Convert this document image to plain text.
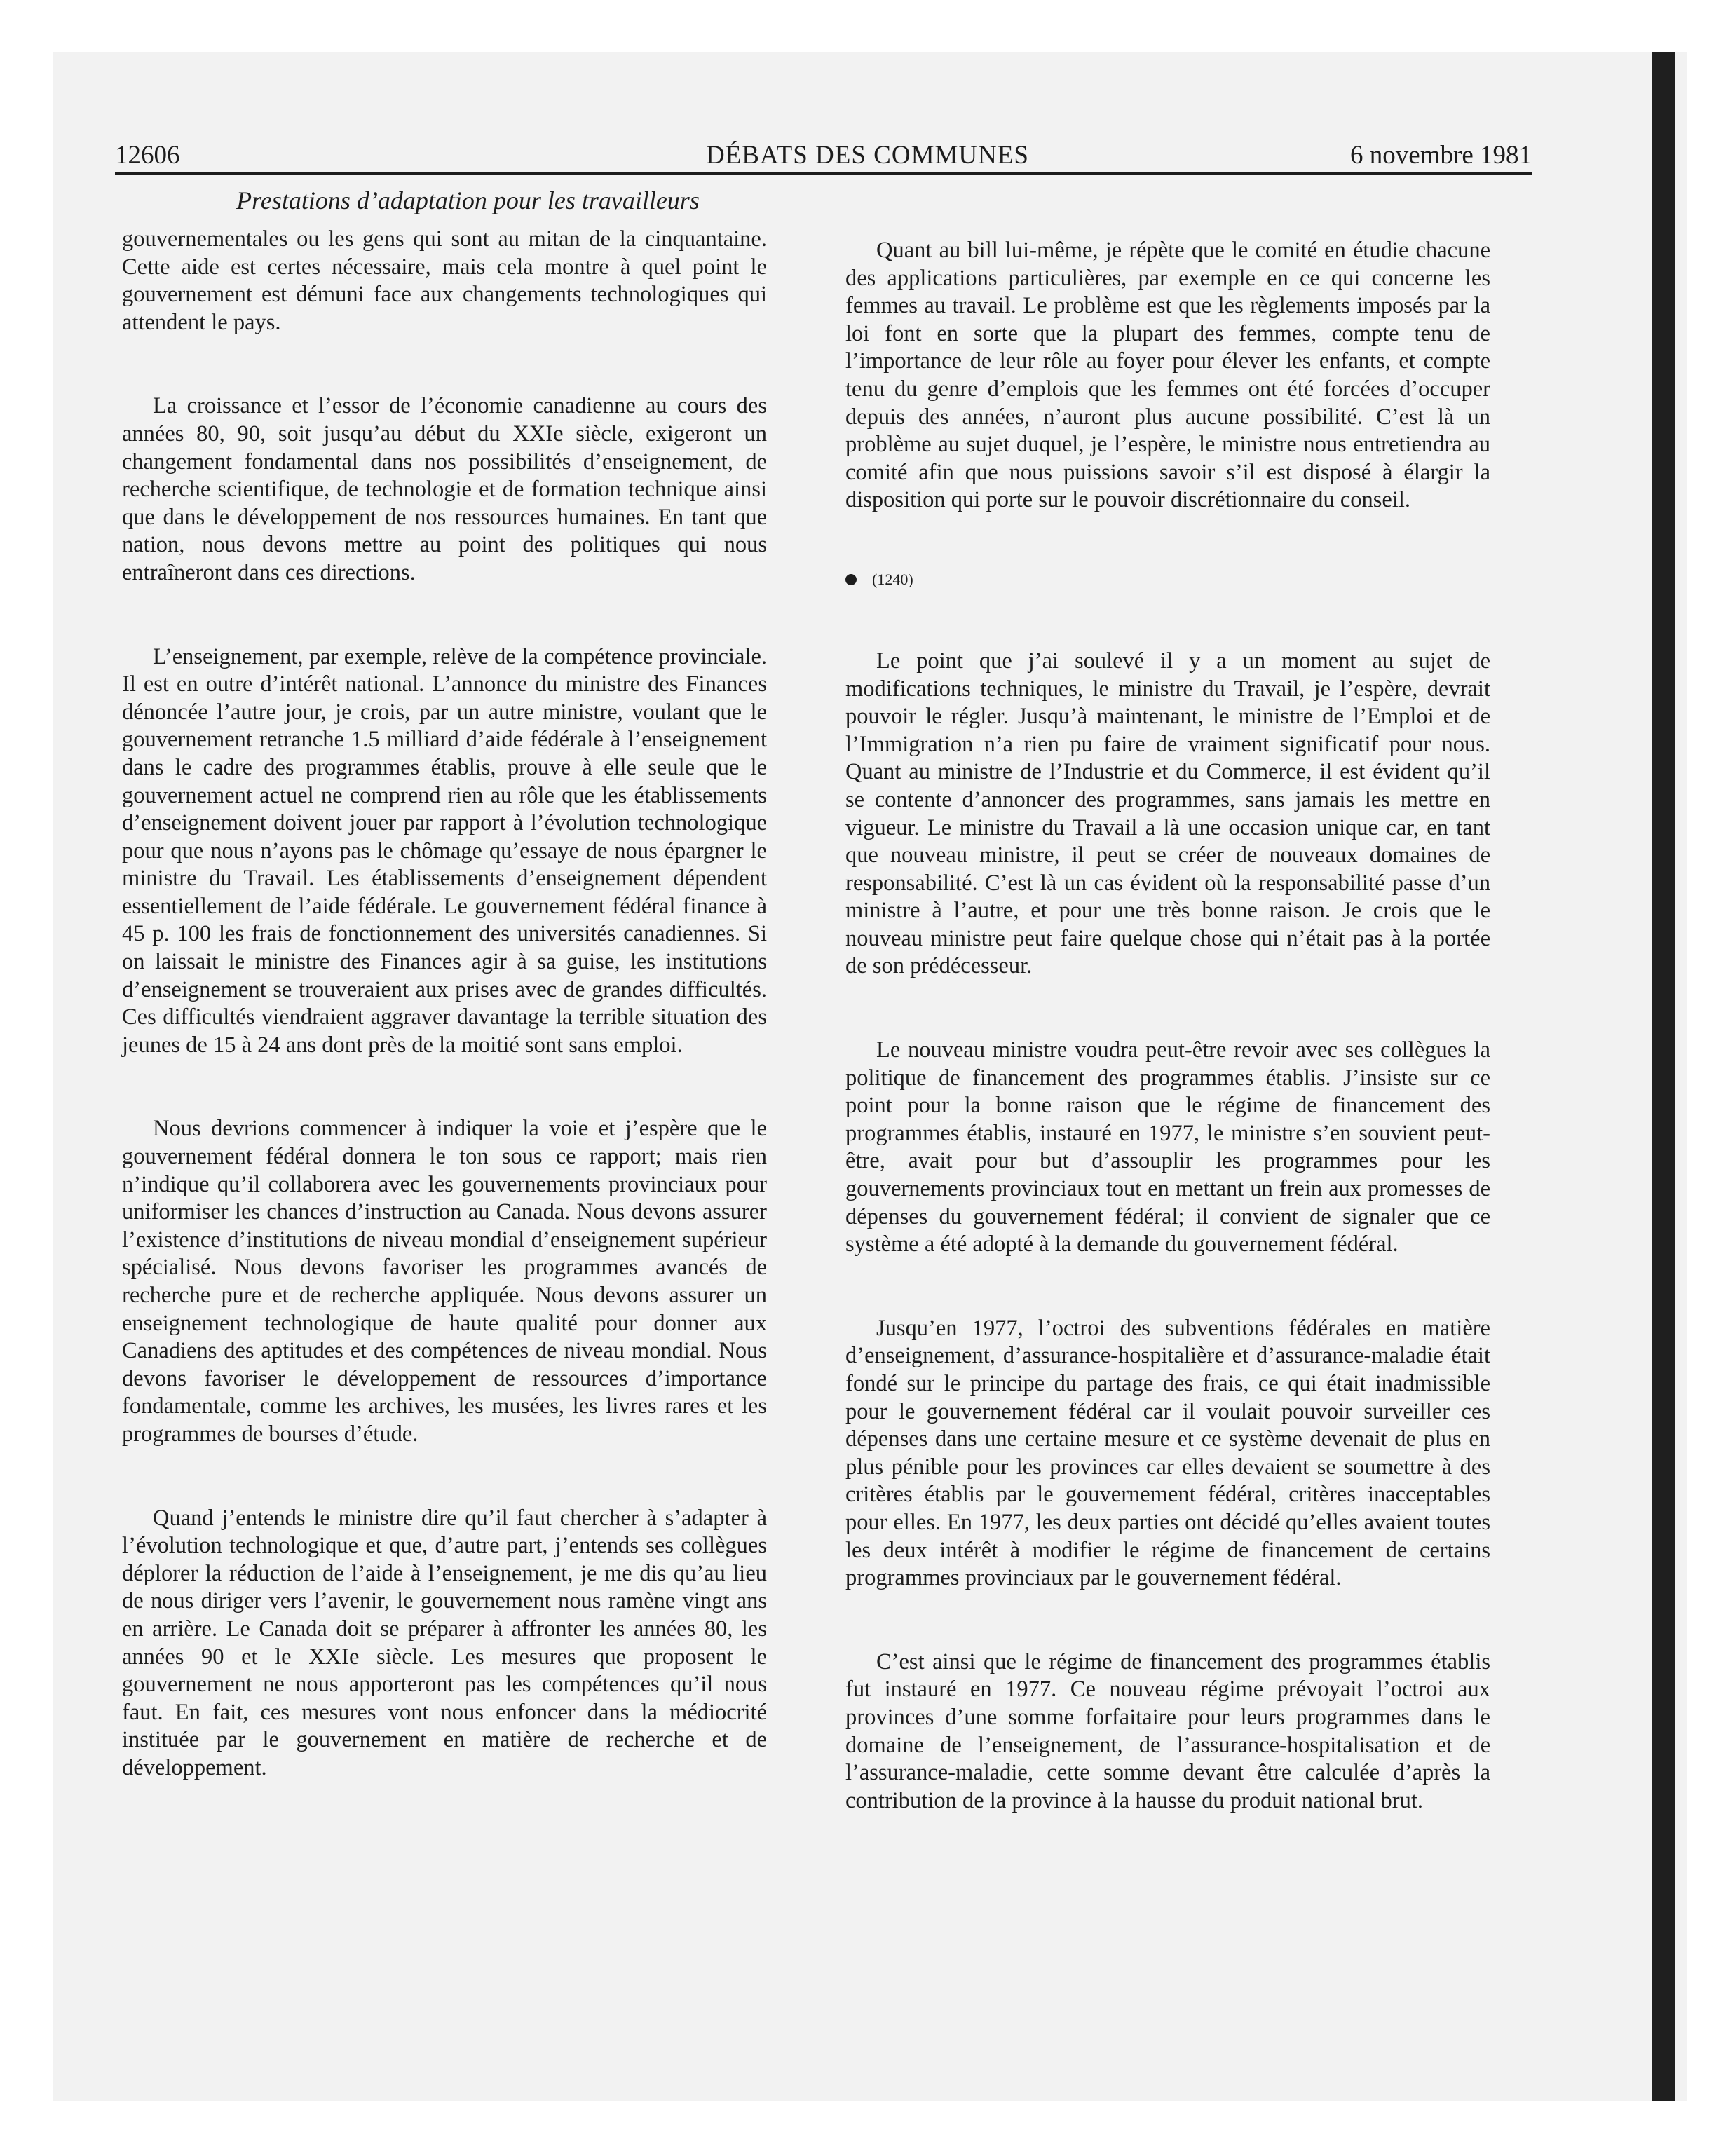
12606	DÉBATS DES COMMUNES	6 novembre 1981
Prestations d’adaptation pour les travailleurs

gouvernementales ou les gens qui sont au mitan de la cinquantaine. Cette aide est certes nécessaire, mais cela montre à quel point le gouvernement est démuni face aux changements technologiques qui attendent le pays.

La croissance et l’essor de l’économie canadienne au cours des années 80, 90, soit jusqu’au début du XXIe siècle, exigeront un changement fondamental dans nos possibilités d’enseignement, de recherche scientifique, de technologie et de formation technique ainsi que dans le développement de nos ressources humaines. En tant que nation, nous devons mettre au point des politiques qui nous entraîneront dans ces directions.

L’enseignement, par exemple, relève de la compétence provinciale. Il est en outre d’intérêt national. L’annonce du ministre des Finances dénoncée l’autre jour, je crois, par un autre ministre, voulant que le gouvernement retranche 1.5 milliard d’aide fédérale à l’enseignement dans le cadre des programmes établis, prouve à elle seule que le gouvernement actuel ne comprend rien au rôle que les établissements d’enseignement doivent jouer par rapport à l’évolution technologique pour que nous n’ayons pas le chômage qu’essaye de nous épargner le ministre du Travail. Les établissements d’enseignement dépendent essentiellement de l’aide fédérale. Le gouvernement fédéral finance à 45 p. 100 les frais de fonctionnement des universités canadiennes. Si on laissait le ministre des Finances agir à sa guise, les institutions d’enseignement se trouveraient aux prises avec de grandes difficultés. Ces difficultés viendraient aggraver davantage la terrible situation des jeunes de 15 à 24 ans dont près de la moitié sont sans emploi.

Nous devrions commencer à indiquer la voie et j’espère que le gouvernement fédéral donnera le ton sous ce rapport; mais rien n’indique qu’il collaborera avec les gouvernements provinciaux pour uniformiser les chances d’instruction au Canada. Nous devons assurer l’existence d’institutions de niveau mondial d’enseignement supérieur spécialisé. Nous devons favoriser les programmes avancés de recherche pure et de recherche appliquée. Nous devons assurer un enseignement technologique de haute qualité pour donner aux Canadiens des aptitudes et des compétences de niveau mondial. Nous devons favoriser le développement de ressources d’importance fondamentale, comme les archives, les musées, les livres rares et les programmes de bourses d’étude.

Quand j’entends le ministre dire qu’il faut chercher à s’adapter à l’évolution technologique et que, d’autre part, j’entends ses collègues déplorer la réduction de l’aide à l’enseignement, je me dis qu’au lieu de nous diriger vers l’avenir, le gouvernement nous ramène vingt ans en arrière. Le Canada doit se préparer à affronter les années 80, les années 90 et le XXIe siècle. Les mesures que proposent le gouvernement ne nous apporteront pas les compétences qu’il nous faut. En fait, ces mesures vont nous enfoncer dans la médiocrité instituée par le gouvernement en matière de recherche et de développement.

Quant au bill lui-même, je répète que le comité en étudie chacune des applications particulières, par exemple en ce qui concerne les femmes au travail. Le problème est que les règlements imposés par la loi font en sorte que la plupart des femmes, compte tenu de l’importance de leur rôle au foyer pour élever les enfants, et compte tenu du genre d’emplois que les femmes ont été forcées d’occuper depuis des années, n’auront plus aucune possibilité. C’est là un problème au sujet duquel, je l’espère, le ministre nous entretiendra au comité afin que nous puissions savoir s’il est disposé à élargir la disposition qui porte sur le pouvoir discrétionnaire du conseil.

(1240)

Le point que j’ai soulevé il y a un moment au sujet de modifications techniques, le ministre du Travail, je l’espère, devrait pouvoir le régler. Jusqu’à maintenant, le ministre de l’Emploi et de l’Immigration n’a rien pu faire de vraiment significatif pour nous. Quant au ministre de l’Industrie et du Commerce, il est évident qu’il se contente d’annoncer des programmes, sans jamais les mettre en vigueur. Le ministre du Travail a là une occasion unique car, en tant que nouveau ministre, il peut se créer de nouveaux domaines de responsabilité. C’est là un cas évident où la responsabilité passe d’un ministre à l’autre, et pour une très bonne raison. Je crois que le nouveau ministre peut faire quelque chose qui n’était pas à la portée de son prédécesseur.

Le nouveau ministre voudra peut-être revoir avec ses collègues la politique de financement des programmes établis. J’insiste sur ce point pour la bonne raison que le régime de financement des programmes établis, instauré en 1977, le ministre s’en souvient peut-être, avait pour but d’assouplir les programmes pour les gouvernements provinciaux tout en mettant un frein aux promesses de dépenses du gouvernement fédéral; il convient de signaler que ce système a été adopté à la demande du gouvernement fédéral.

Jusqu’en 1977, l’octroi des subventions fédérales en matière d’enseignement, d’assurance-hospitalière et d’assurance-maladie était fondé sur le principe du partage des frais, ce qui était inadmissible pour le gouvernement fédéral car il voulait pouvoir surveiller ces dépenses dans une certaine mesure et ce système devenait de plus en plus pénible pour les provinces car elles devaient se soumettre à des critères établis par le gouvernement fédéral, critères inacceptables pour elles. En 1977, les deux parties ont décidé qu’elles avaient toutes les deux intérêt à modifier le régime de financement de certains programmes provinciaux par le gouvernement fédéral.

C’est ainsi que le régime de financement des programmes établis fut instauré en 1977. Ce nouveau régime prévoyait l’octroi aux provinces d’une somme forfaitaire pour leurs programmes dans le domaine de l’enseignement, de l’assurance-hospitalisation et de l’assurance-maladie, cette somme devant être calculée d’après la contribution de la province à la hausse du produit national brut.
